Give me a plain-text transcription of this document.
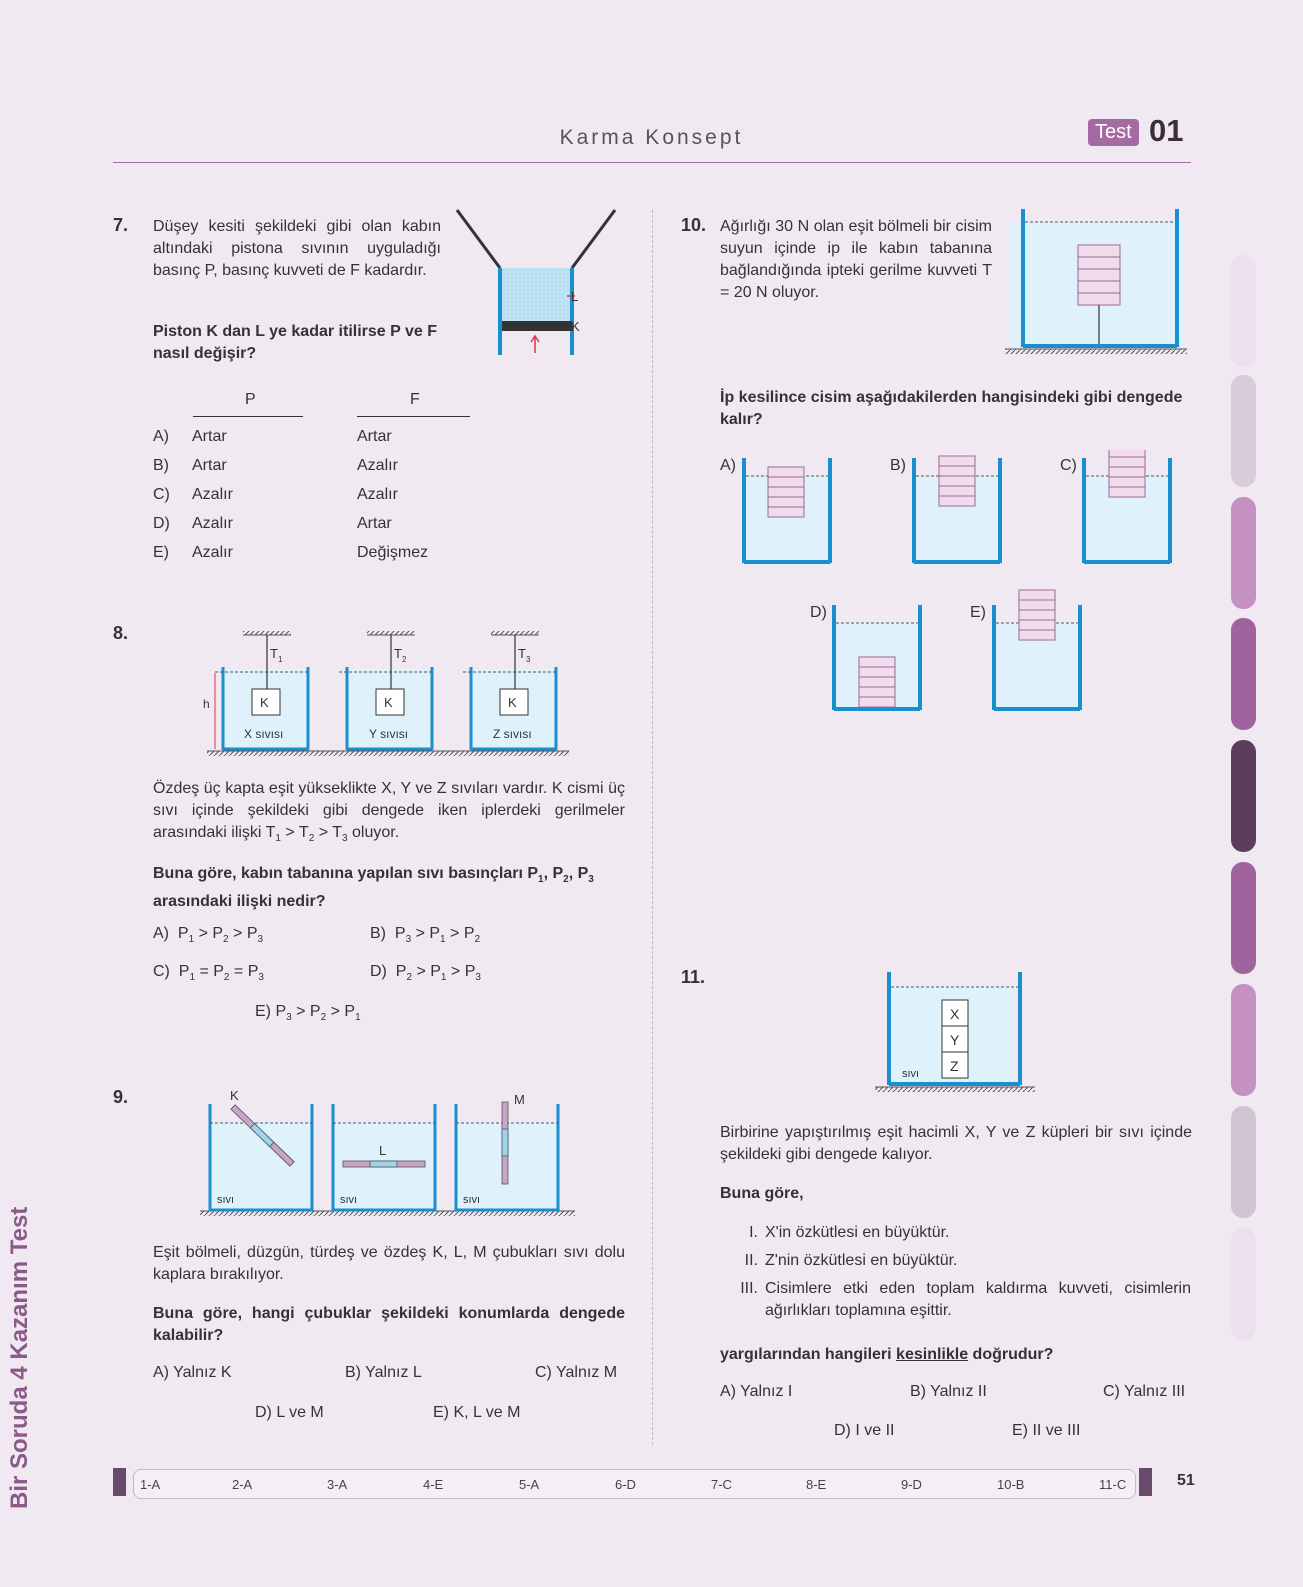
Karma Konsept	Test 01
Bir Soruda 4 Kazanım Test
7. Düşey kesiti şekildeki gibi olan kabın altındaki pistona sıvının uyguladığı basınç P, basınç kuvveti de F kadardır.
Piston K dan L ye kadar itilirse P ve F nasıl değişir?
L
K
P	F
A) Artar	Artar
B) Artar	Azalır
C) Azalır	Azalır
D) Azalır	Artar
E) Azalır	Değişmez
8.
h	K
T 1
X sıvısı
K
T 2
Y sıvısı
K
T 3
Z sıvısı
Özdeş üç kapta eşit yükseklikte X, Y ve Z sıvıları vardır. K cismi üç sıvı içinde şekildeki gibi dengede iken iplerdeki gerilmeler arasındaki ilişki $T_1 > T_2 > T_3$ oluyor.
Buna göre, kabın tabanına yapılan sıvı basınçları $P_1$, $P_2$, $P_3$
arasındaki ilişki nedir?
A) $P_1 > P_2 > P_3$	B) $P_3 > P_1 > P_2$
C) $P_1 = P_2 = P_3$	D) $P_2 > P_1 > P_3$
E) $P_3 > P_2 > P_1$
9.	K
sıvı
L
sıvı
M
sıvı
Eşit bölmeli, düzgün, türdeş ve özdeş K, L, M çubukları sıvı dolu kaplara bırakılıyor.
Buna göre, hangi çubuklar şekildeki konumlarda dengede kalabilir?
A) Yalnız K	B) Yalnız L	C) Yalnız M
D) L ve M	E) K, L ve M
10. Ağırlığı 30 N olan eşit bölmeli bir cisim suyun içinde ip ile kabın tabanına bağlandığında ipteki gerilme kuvveti T = 20 N oluyor.
İp kesilince cisim aşağıdakilerden hangisindeki gibi dengede kalır?
A)	B)	C)
D)	E)
11.
X
Y
Z
sıvı
Birbirine yapıştırılmış eşit hacimli X, Y ve Z küpleri bir sıvı içinde şekildeki gibi dengede kalıyor.
Buna göre,
I. X'in özkütlesi en büyüktür.
II. Z'nin özkütlesi en büyüktür.
III. Cisimlere etki eden toplam kaldırma kuvveti, cisimlerin ağırlıkları toplamına eşittir.
yargılarından hangileri kesinlikle doğrudur?
A) Yalnız I	B) Yalnız II	C) Yalnız III
D) I ve II	E) II ve III
1-A	2-A	3-A	4-E	5-A	6-D	7-C	8-E	9-D	10-B	11-C	51
